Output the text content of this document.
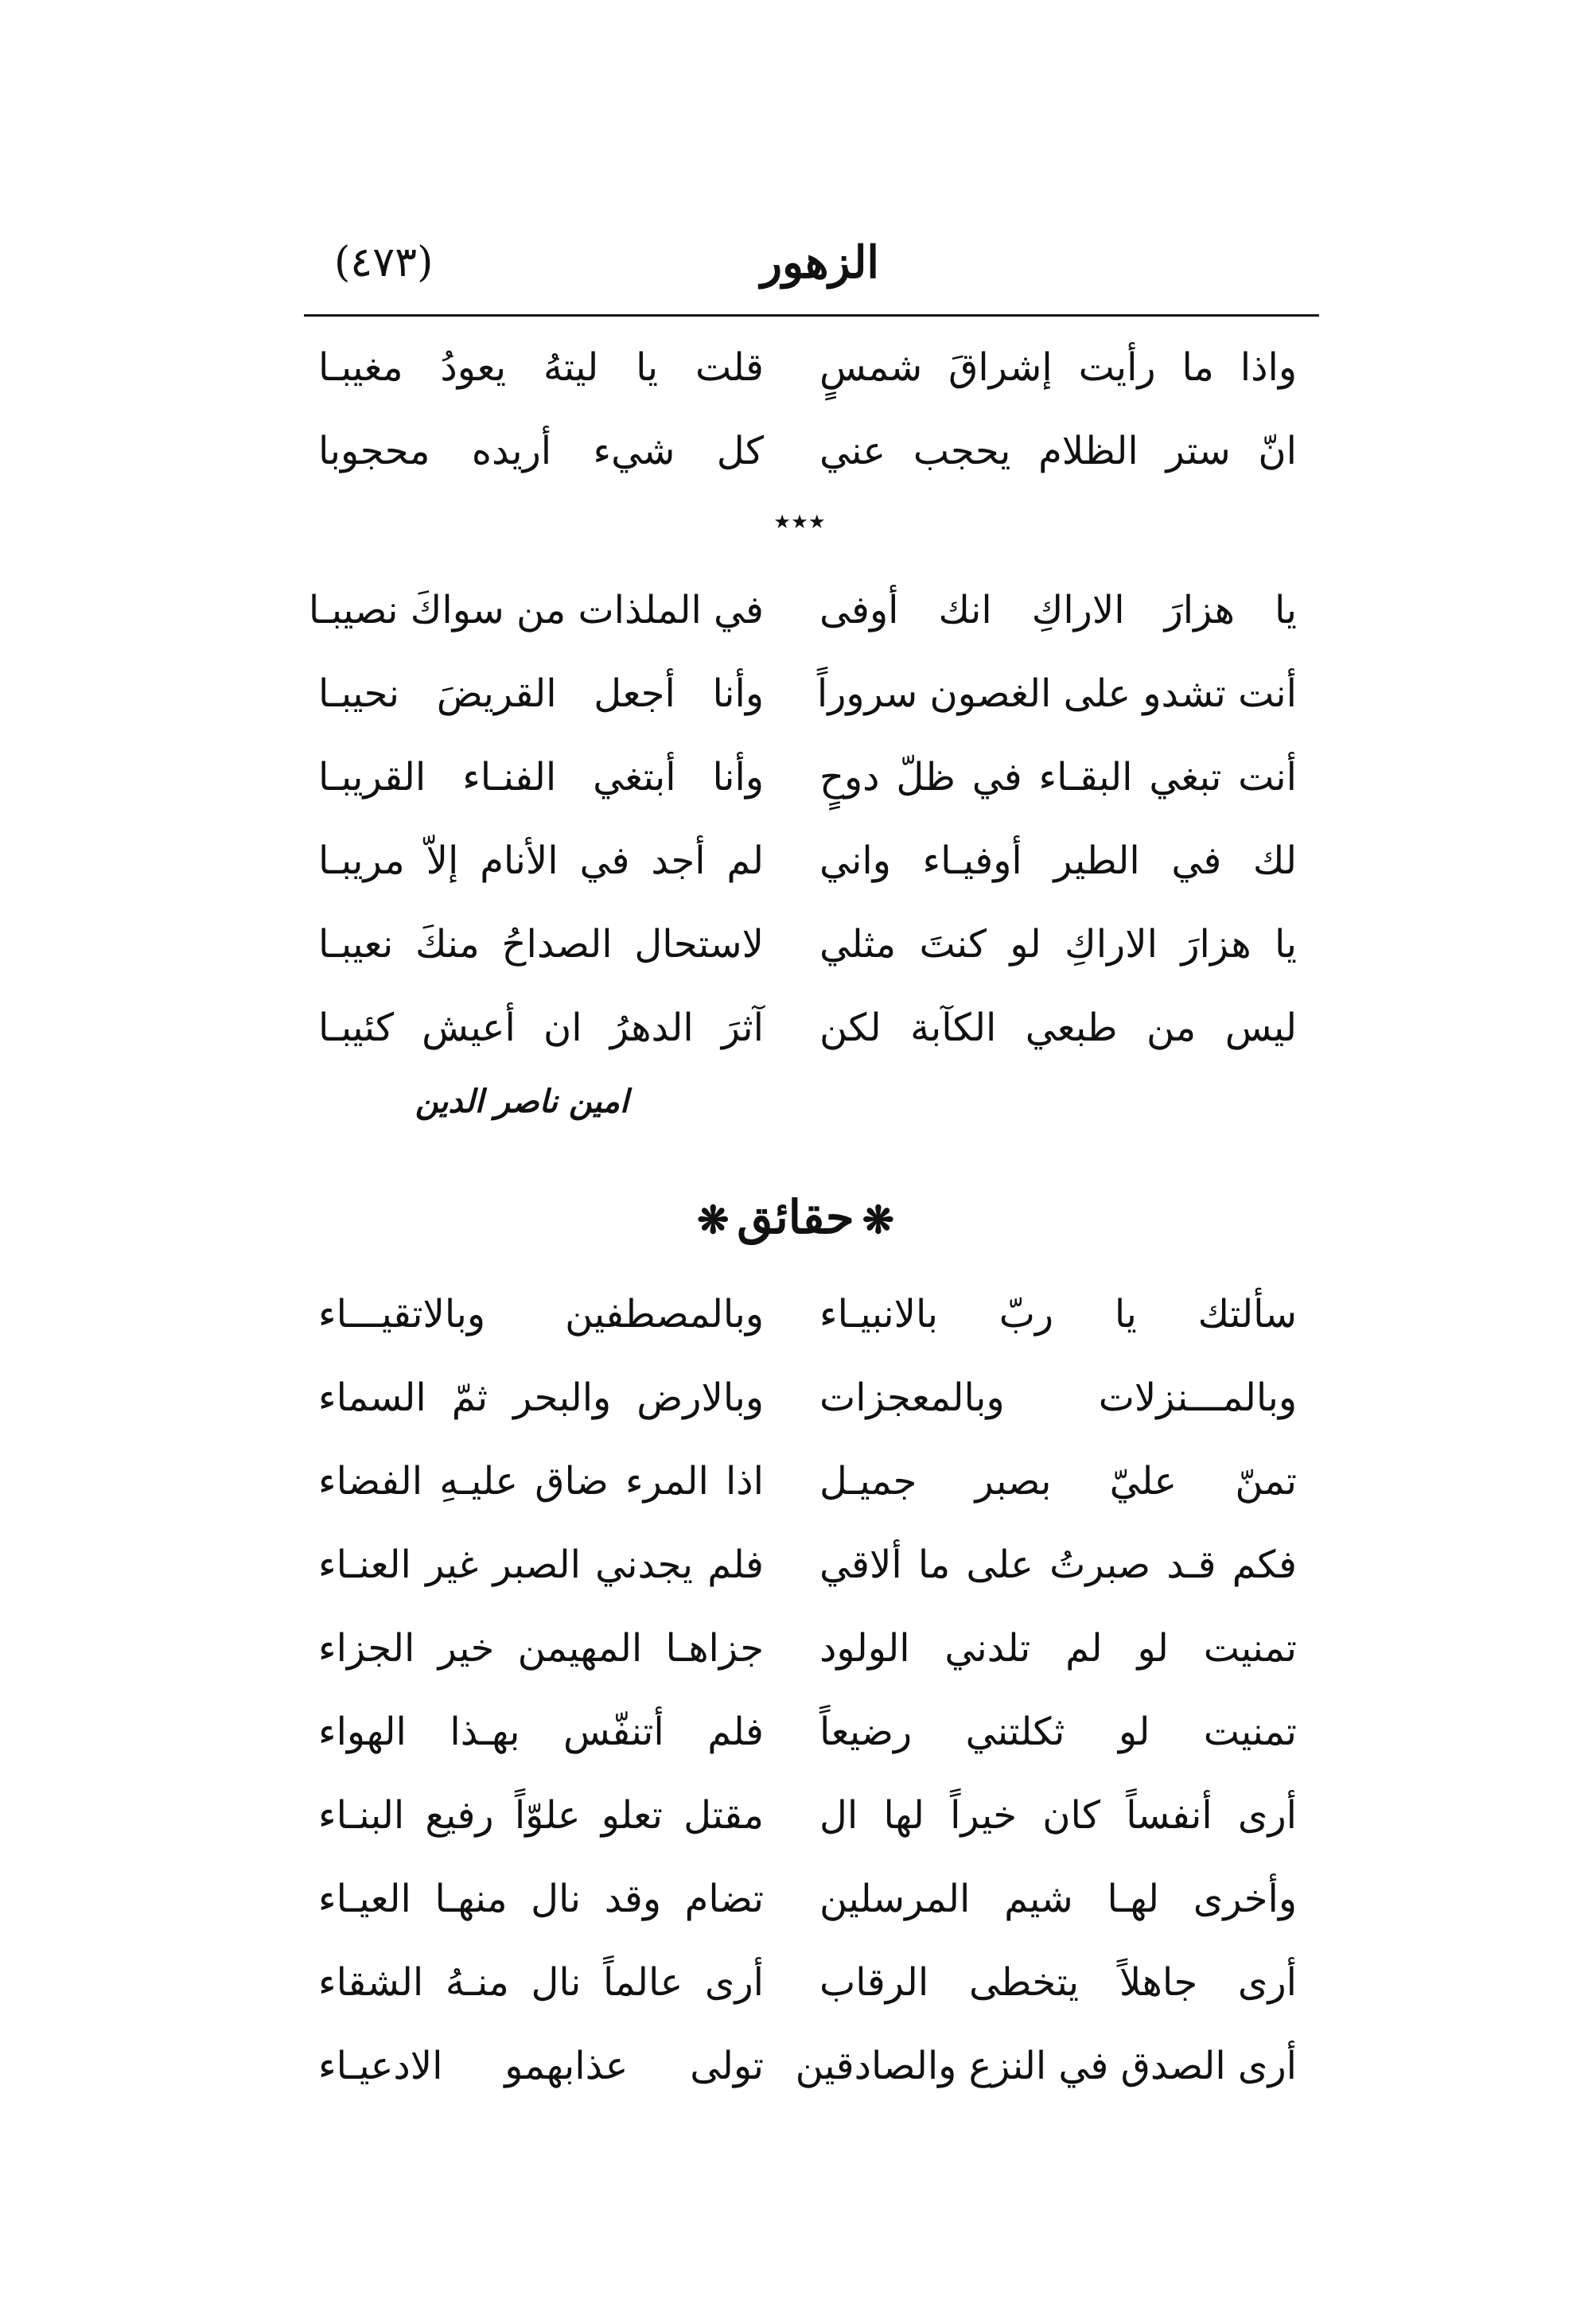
الزهور
(٤٧٣)
واذا ما رأيت إشراقَ شمسٍ
قلت يا ليتهُ يعودُ مغيبـا
انّ ستر الظلام يحجب عني
كل شيء أريده محجوبا
٭٭٭
يا هزارَ الاراكِ انك أوفى
في الملذات من سواكَ نصيبـا
أنت تشدو على الغصون سروراً
وأنا أجعل القريضَ نحيبـا
أنت تبغي البقـاء في ظلّ دوحٍ
وأنا أبتغي الفنـاء القريبـا
لك في الطير أوفيـاء واني
لم أجد في الأنام إلاّ مريبـا
يا هزارَ الاراكِ لو كنتَ مثلي
لاستحال الصداحُ منكَ نعيبـا
ليس من طبعي الكآبة لكن
آثرَ الدهرُ ان أعيش كئيبـا
امين ناصر الدين
❋حقائق❋
سألتك يا ربّ بالانبيـاء
وبالمصطفين وبالاتقيـــاء
وبالمـــنزلات وبالمعجزات
وبالارض والبحر ثمّ السماء
تمنّ عليّ بصبر جميـل
اذا المرء ضاق عليـهِ الفضاء
فكم قـد صبرتُ على ما ألاقي
فلم يجدني الصبر غير العنـاء
تمنيت لو لم تلدني الولود
جزاهـا المهيمن خير الجزاء
تمنيت لو ثكلتني رضيعاً
فلم أتنفّس بهـذا الهواء
أرى أنفساً كان خيراً لها ال
مقتل تعلو علوّاً رفيع البنـاء
وأخرى لهـا شيم المرسلين
تضام وقد نال منهـا العيـاء
أرى جاهلاً يتخطى الرقاب
أرى عالماً نال منـهُ الشقاء
أرى الصدق في النزع والصادقين
تولى عذابهمو الادعيـاء
